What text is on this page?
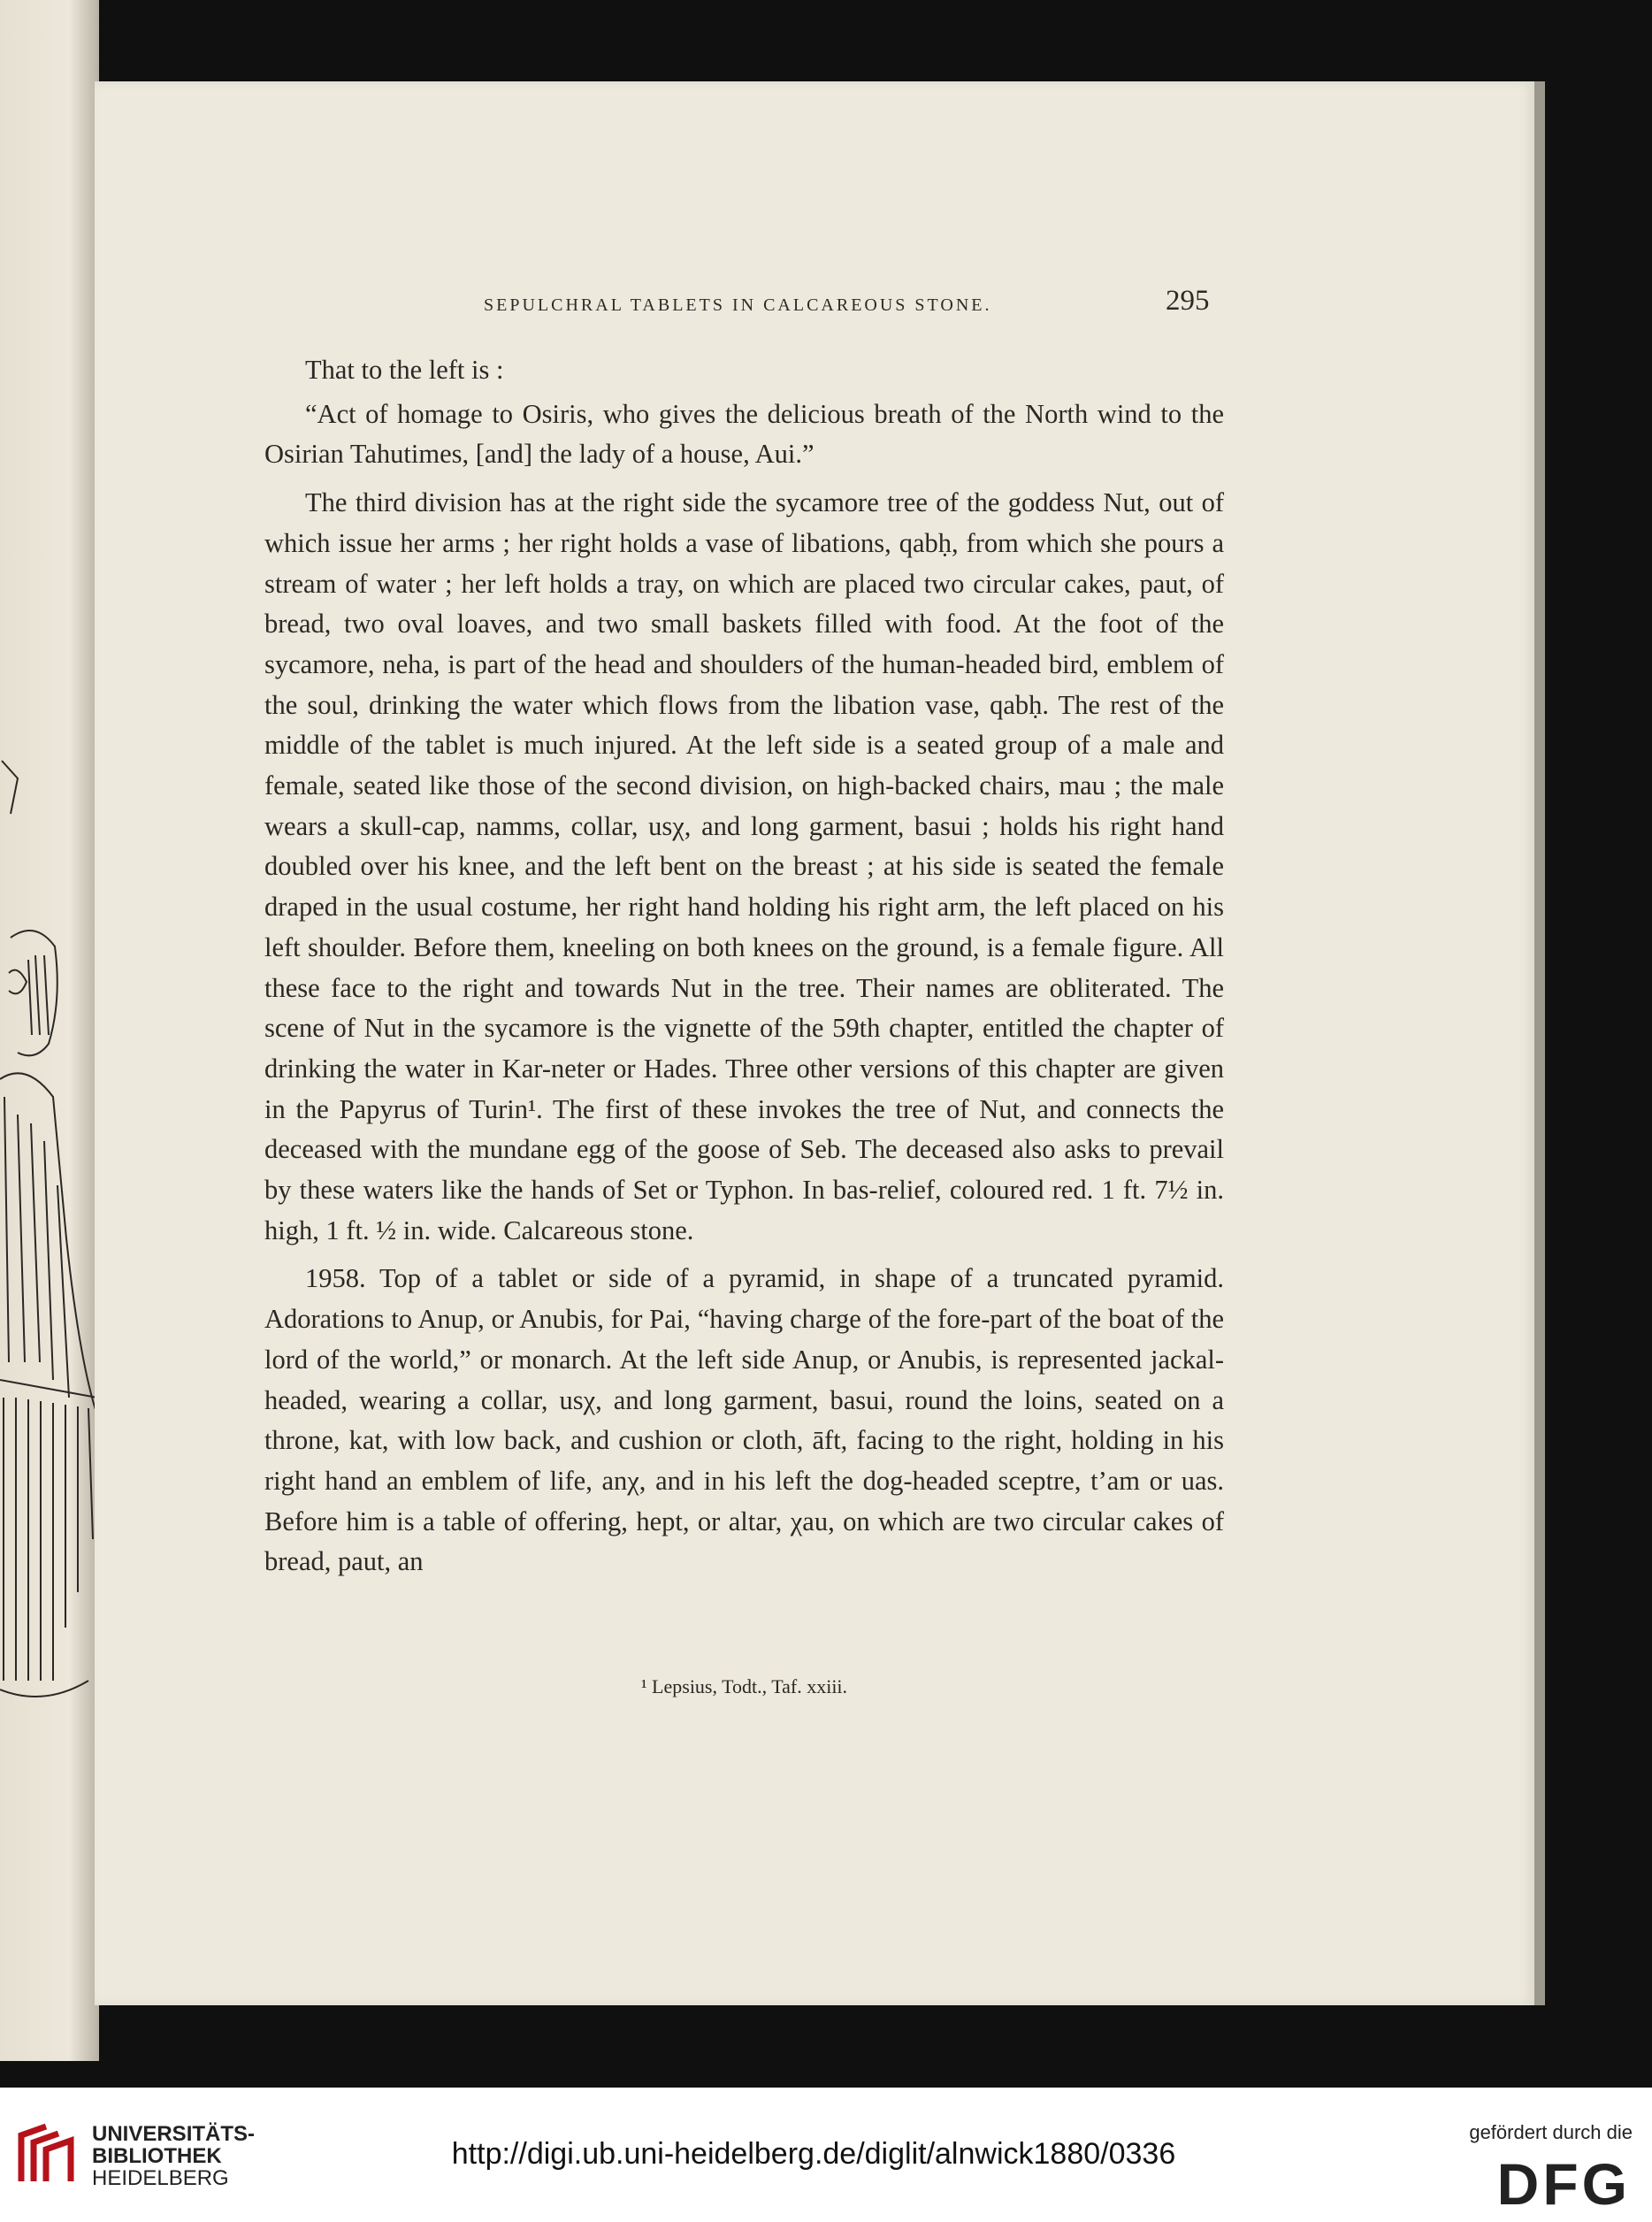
SEPULCHRAL TABLETS IN CALCAREOUS STONE.	295

That to the left is :

“Act of homage to Osiris, who gives the delicious breath of the North wind to the Osirian Tahutimes, [and] the lady of a house, Aui.”

The third division has at the right side the sycamore tree of the goddess Nut, out of which issue her arms ; her right holds a vase of libations, qabḥ, from which she pours a stream of water ; her left holds a tray, on which are placed two circular cakes, paut, of bread, two oval loaves, and two small baskets filled with food. At the foot of the sycamore, neha, is part of the head and shoulders of the human-headed bird, emblem of the soul, drinking the water which flows from the libation vase, qabḥ. The rest of the middle of the tablet is much injured. At the left side is a seated group of a male and female, seated like those of the second division, on high-backed chairs, mau ; the male wears a skull-cap, namms, collar, usχ, and long garment, basui ; holds his right hand doubled over his knee, and the left bent on the breast ; at his side is seated the female draped in the usual costume, her right hand holding his right arm, the left placed on his left shoulder. Before them, kneeling on both knees on the ground, is a female figure. All these face to the right and towards Nut in the tree. Their names are obliterated. The scene of Nut in the sycamore is the vignette of the 59th chapter, entitled the chapter of drinking the water in Kar-neter or Hades. Three other versions of this chapter are given in the Papyrus of Turin¹. The first of these invokes the tree of Nut, and connects the deceased with the mundane egg of the goose of Seb. The deceased also asks to prevail by these waters like the hands of Set or Typhon. In bas-relief, coloured red. 1 ft. 7½ in. high, 1 ft. ½ in. wide. Calcareous stone.

1958. Top of a tablet or side of a pyramid, in shape of a truncated pyramid. Adorations to Anup, or Anubis, for Pai, “having charge of the fore-part of the boat of the lord of the world,” or monarch. At the left side Anup, or Anubis, is represented jackal-headed, wearing a collar, usχ, and long garment, basui, round the loins, seated on a throne, kat, with low back, and cushion or cloth, āft, facing to the right, holding in his right hand an emblem of life, anχ, and in his left the dog-headed sceptre, t’am or uas. Before him is a table of offering, hept, or altar, χau, on which are two circular cakes of bread, paut, an

¹ Lepsius, Todt., Taf. xxiii.
UNIVERSITÄTS-
BIBLIOTHEK
HEIDELBERG
http://digi.ub.uni-heidelberg.de/diglit/alnwick1880/0336
gefördert durch die
DFG
